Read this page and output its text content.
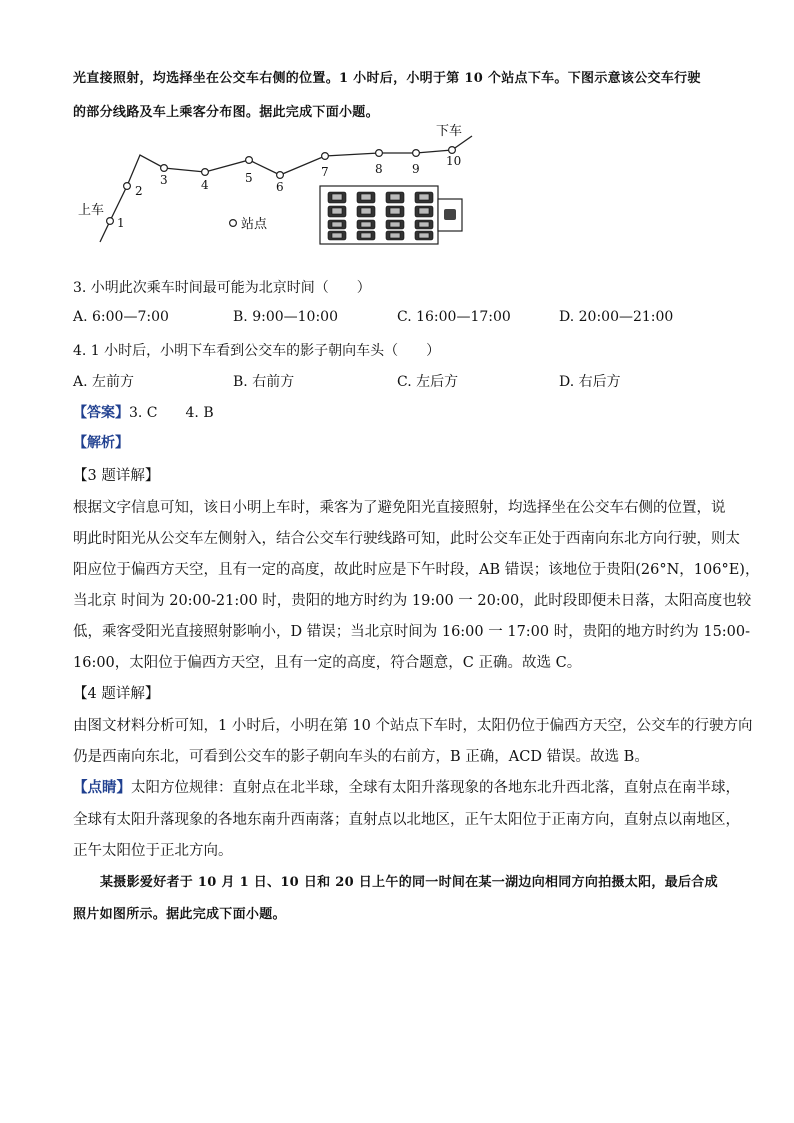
光直接照射，均选择坐在公交车右侧的位置。1 小时后，小明于第 10 个站点下车。下图示意该公交车行驶
的部分线路及车上乘客分布图。据此完成下面小题。
1
2
3	4	5
6
7	8 9
10
上车
下车
站点
3. 小明此次乘车时间最可能为北京时间（　　）
A. 6:00—7:00	B. 9:00—10:00	C. 16:00—17:00	D. 20:00—21:00
4. 1 小时后，小明下车看到公交车的影子朝向车头（　　）
A. 左前方	B. 右前方	C. 左后方	D. 右后方
【答案】3. C　　4. B
【解析】
【3 题详解】
根据文字信息可知，该日小明上车时，乘客为了避免阳光直接照射，均选择坐在公交车右侧的位置，说
明此时阳光从公交车左侧射入，结合公交车行驶线路可知，此时公交车正处于西南向东北方向行驶，则太
阳应位于偏西方天空，且有一定的高度，故此时应是下午时段，AB 错误；该地位于贵阳(26°N，106°E)，
当北京 时间为 20:00-21:00 时，贵阳的地方时约为 19:00 一 20:00，此时段即便未日落，太阳高度也较
低，乘客受阳光直接照射影响小，D 错误；当北京时间为 16:00 一 17:00 时，贵阳的地方时约为 15:00-
16:00，太阳位于偏西方天空，且有一定的高度，符合题意，C 正确。故选 C。
【4 题详解】
由图文材料分析可知，1 小时后，小明在第 10 个站点下车时，太阳仍位于偏西方天空，公交车的行驶方向
仍是西南向东北，可看到公交车的影子朝向车头的右前方，B 正确，ACD 错误。故选 B。
【点睛】太阳方位规律：直射点在北半球，全球有太阳升落现象的各地东北升西北落，直射点在南半球，
全球有太阳升落现象的各地东南升西南落；直射点以北地区，正午太阳位于正南方向，直射点以南地区，
正午太阳位于正北方向。
某摄影爱好者于 10 月 1 日、10 日和 20 日上午的同一时间在某一湖边向相同方向拍摄太阳，最后合成
照片如图所示。据此完成下面小题。
